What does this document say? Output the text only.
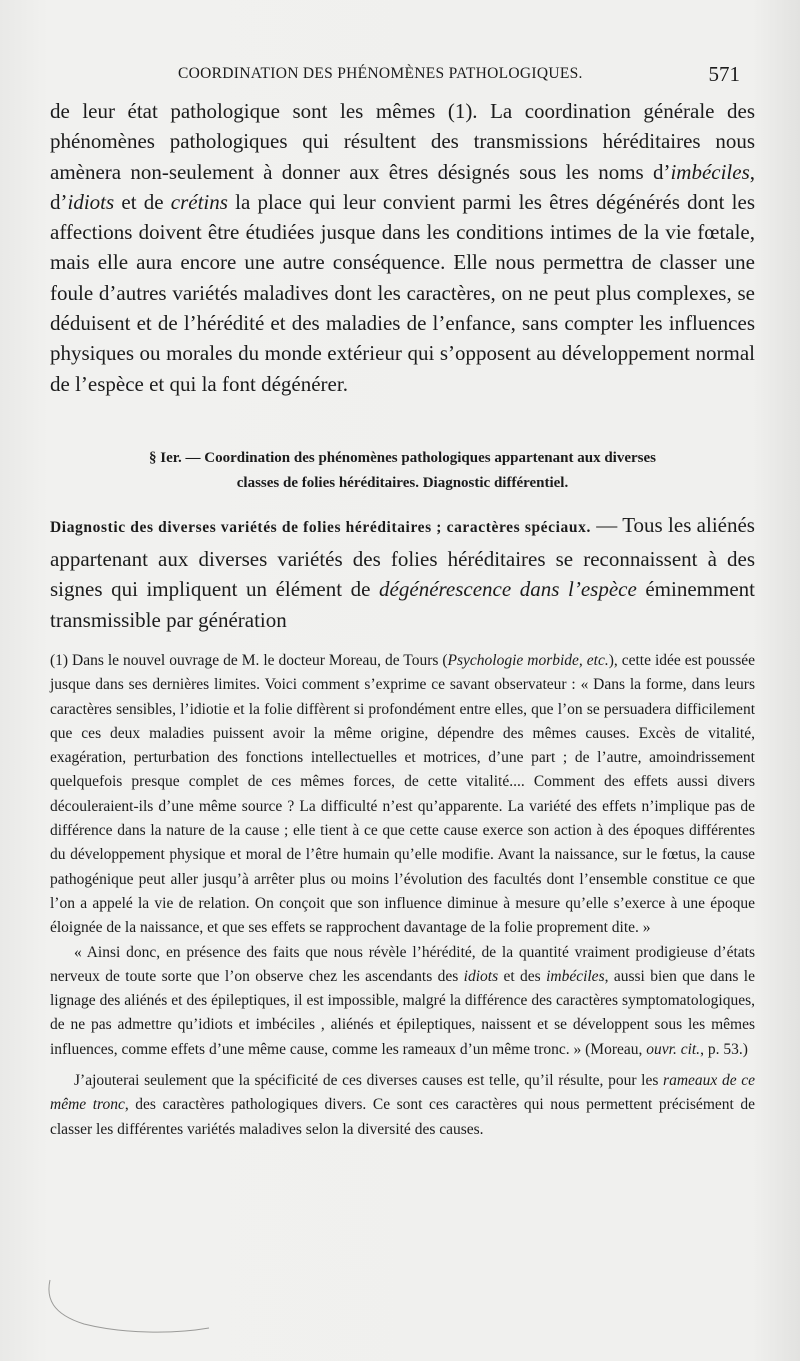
COORDINATION DES PHÉNOMÈNES PATHOLOGIQUES.	571

de leur état pathologique sont les mêmes (1). La coordination générale des phénomènes pathologiques qui résultent des transmissions héréditaires nous amènera non-seulement à donner aux êtres désignés sous les noms d’imbéciles, d’idiots et de crétins la place qui leur convient parmi les êtres dégénérés dont les affections doivent être étudiées jusque dans les conditions intimes de la vie fœtale, mais elle aura encore une autre conséquence. Elle nous permettra de classer une foule d’autres variétés maladives dont les caractères, on ne peut plus complexes, se déduisent et de l’hérédité et des maladies de l’enfance, sans compter les influences physiques ou morales du monde extérieur qui s’opposent au développement normal de l’espèce et qui la font dégénérer.

§ Ier. — Coordination des phénomènes pathologiques appartenant aux diverses
classes de folies héréditaires. Diagnostic différentiel.
Diagnostic des diverses variétés de folies héréditaires ; caractères spéciaux. — Tous les aliénés appartenant aux diverses variétés des folies héréditaires se reconnaissent à des signes qui impliquent un élément de dégénérescence dans l’espèce éminemment transmissible par génération

(1) Dans le nouvel ouvrage de M. le docteur Moreau, de Tours (Psychologie morbide, etc.), cette idée est poussée jusque dans ses dernières limites. Voici comment s’exprime ce savant observateur : « Dans la forme, dans leurs caractères sensibles, l’idiotie et la folie diffèrent si profondément entre elles, que l’on se persuadera difficilement que ces deux maladies puissent avoir la même origine, dépendre des mêmes causes. Excès de vitalité, exagération, perturbation des fonctions intellectuelles et motrices, d’une part ; de l’autre, amoindrissement quelquefois presque complet de ces mêmes forces, de cette vitalité.... Comment des effets aussi divers découleraient-ils d’une même source ? La difficulté n’est qu’apparente. La variété des effets n’implique pas de différence dans la nature de la cause ; elle tient à ce que cette cause exerce son action à des époques différentes du développement physique et moral de l’être humain qu’elle modifie. Avant la naissance, sur le fœtus, la cause pathogénique peut aller jusqu’à arrêter plus ou moins l’évolution des facultés dont l’ensemble constitue ce que l’on a appelé la vie de relation. On conçoit que son influence diminue à mesure qu’elle s’exerce à une époque éloignée de la naissance, et que ses effets se rapprochent davantage de la folie proprement dite. »

« Ainsi donc, en présence des faits que nous révèle l’hérédité, de la quantité vraiment prodigieuse d’états nerveux de toute sorte que l’on observe chez les ascendants des idiots et des imbéciles, aussi bien que dans le lignage des aliénés et des épileptiques, il est impossible, malgré la différence des caractères symptomatologiques, de ne pas admettre qu’idiots et imbéciles , aliénés et épileptiques, naissent et se développent sous les mêmes influences, comme effets d’une même cause, comme les rameaux d’un même tronc. » (Moreau, ouvr. cit., p. 53.)

J’ajouterai seulement que la spécificité de ces diverses causes est telle, qu’il résulte, pour les rameaux de ce même tronc, des caractères pathologiques divers. Ce sont ces caractères qui nous permettent précisément de classer les différentes variétés maladives selon la diversité des causes.
